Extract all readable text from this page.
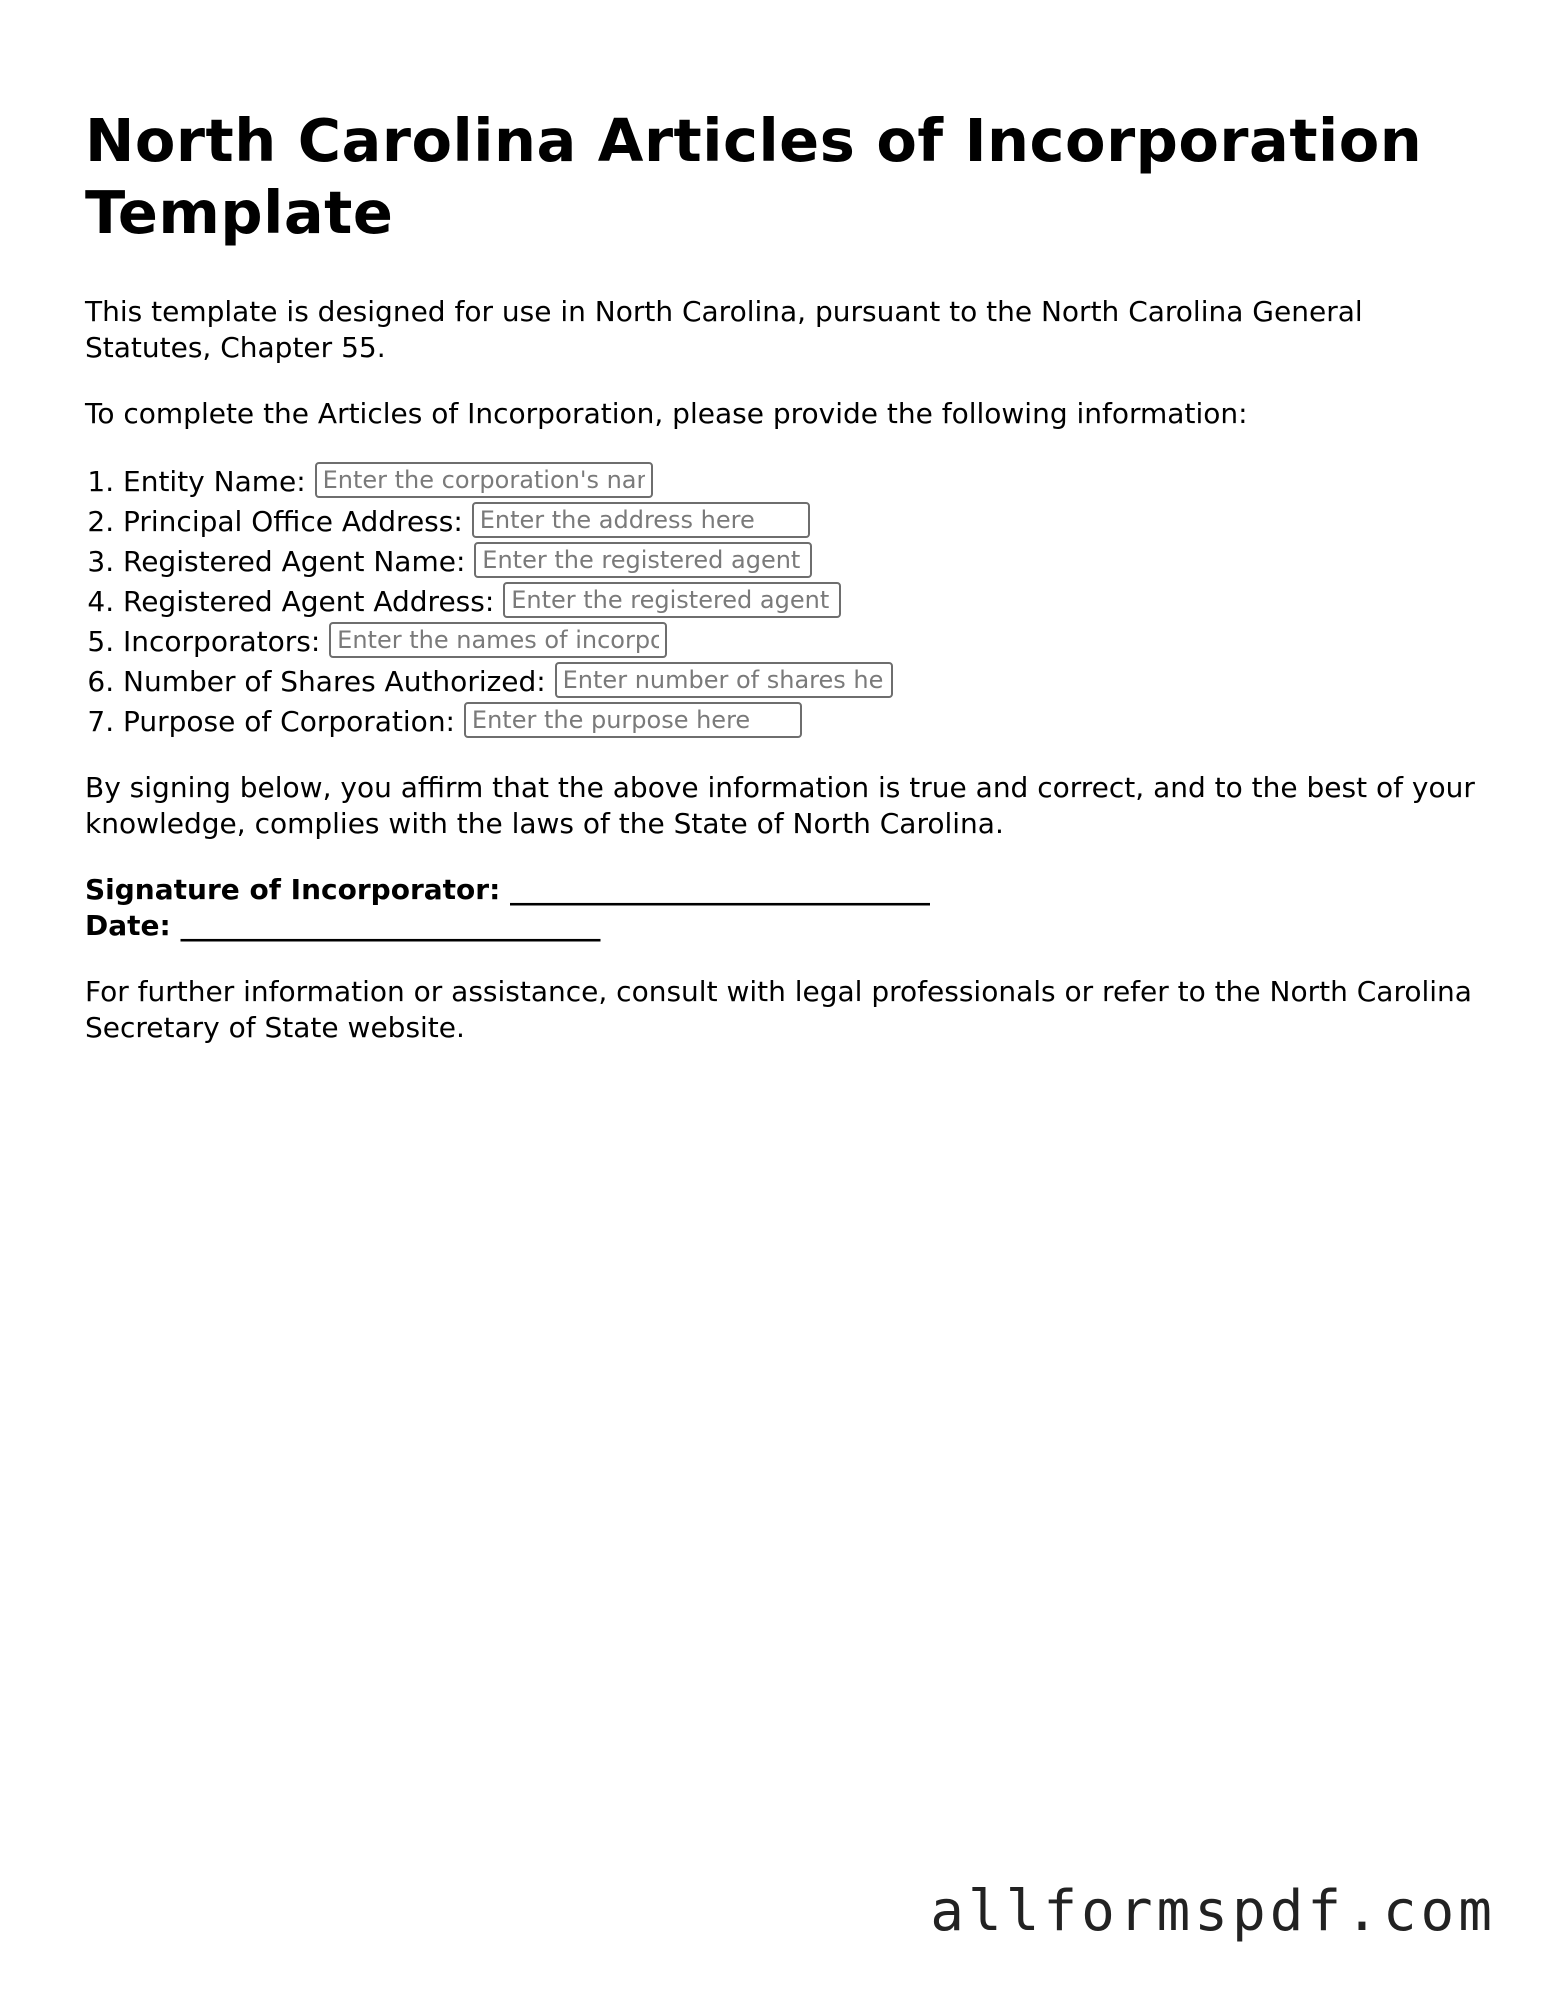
North Carolina Articles of Incorporation Template

This template is designed for use in North Carolina, pursuant to the North Carolina General Statutes, Chapter 55.

To complete the Articles of Incorporation, please provide the following information:

1. Entity Name: Enter the corporation's name here
2. Principal Office Address: Enter the address here
3. Registered Agent Name: Enter the registered agent name here
4. Registered Agent Address: Enter the registered agent address here
5. Incorporators: Enter the names of incorporators here
6. Number of Shares Authorized: Enter number of shares here
7. Purpose of Corporation: Enter the purpose here

By signing below, you affirm that the above information is true and correct, and to the best of your knowledge, complies with the laws of the State of North Carolina.

Signature of Incorporator: ______________________________
Date: ______________________________

For further information or assistance, consult with legal professionals or refer to the North Carolina Secretary of State website.

allformspdf.com
